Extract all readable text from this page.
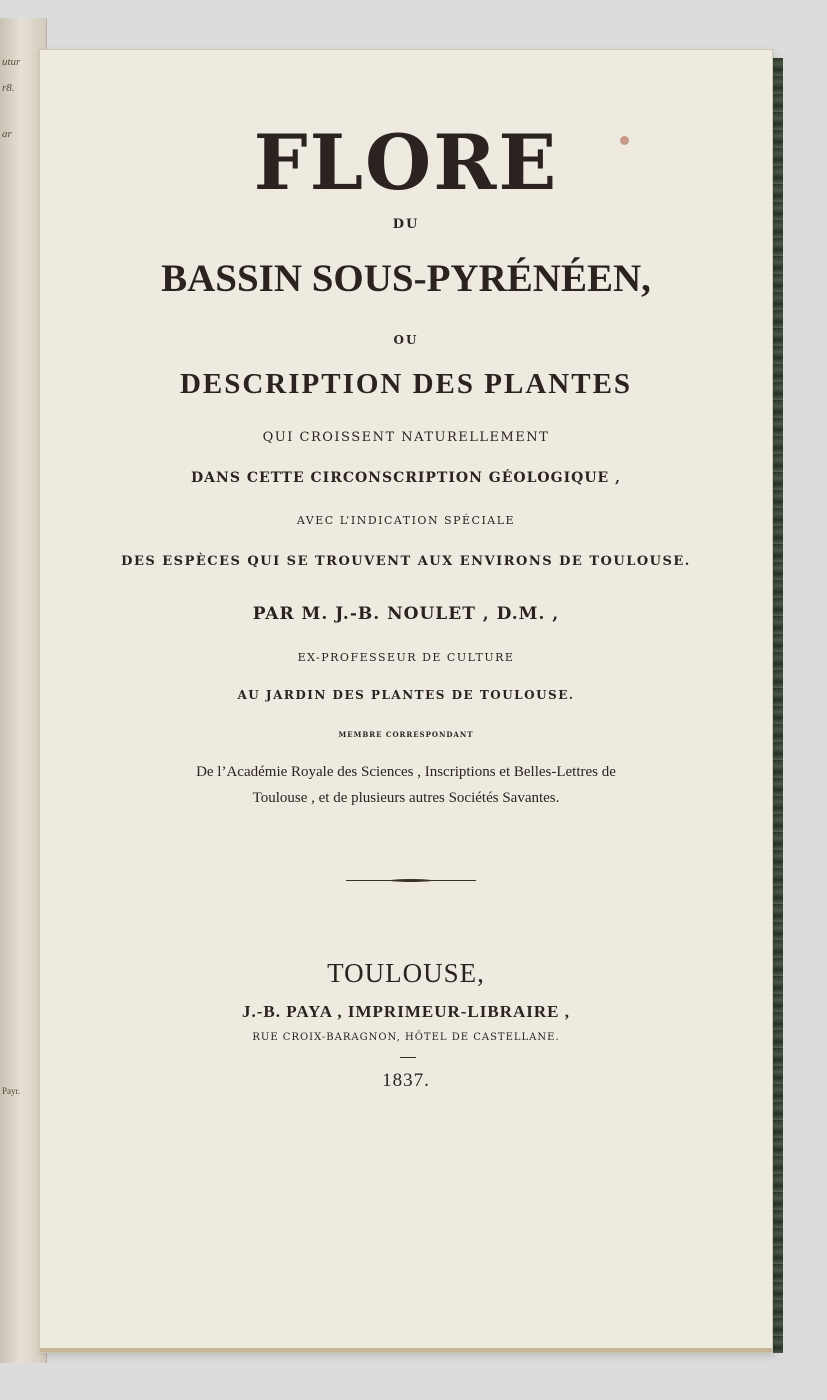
utur
r8.
ar
Payr.
FLORE
DU
BASSIN SOUS-PYRÉNÉEN,
OU
DESCRIPTION DES PLANTES
QUI CROISSENT NATURELLEMENT
DANS CETTE CIRCONSCRIPTION GÉOLOGIQUE ,
AVEC L’INDICATION SPÉCIALE
DES ESPÈCES QUI SE TROUVENT AUX ENVIRONS DE TOULOUSE.
PAR M. J.-B. NOULET , D.M. ,
EX-PROFESSEUR DE CULTURE
AU JARDIN DES PLANTES DE TOULOUSE.
MEMBRE CORRESPONDANT
De l’Académie Royale des Sciences , Inscriptions et Belles-Lettres de
Toulouse , et de plusieurs autres Sociétés Savantes.
TOULOUSE,
J.-B. PAYA , IMPRIMEUR-LIBRAIRE ,
RUE CROIX-BARAGNON, HÔTEL DE CASTELLANE.
1837.
